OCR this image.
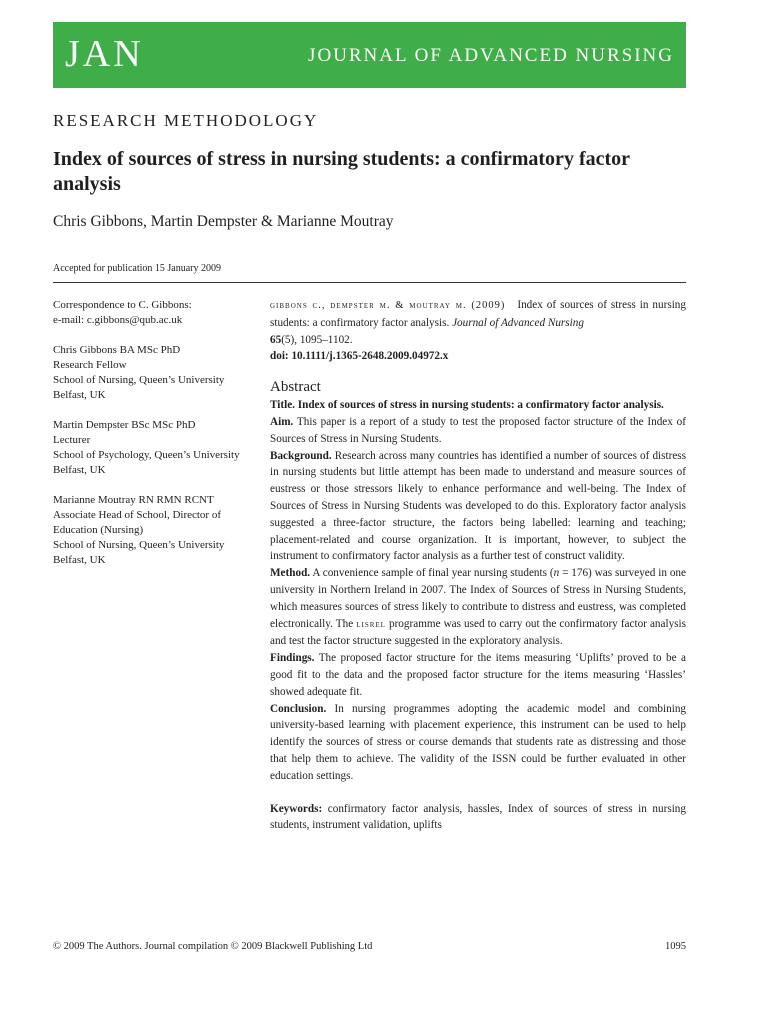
JAN	JOURNAL OF ADVANCED NURSING
RESEARCH METHODOLOGY
Index of sources of stress in nursing students: a confirmatory factor analysis
Chris Gibbons, Martin Dempster & Marianne Moutray
Accepted for publication 15 January 2009
Correspondence to C. Gibbons:
e-mail: c.gibbons@qub.ac.uk
Chris Gibbons BA MSc PhD
Research Fellow
School of Nursing, Queen’s University
Belfast, UK
Martin Dempster BSc MSc PhD
Lecturer
School of Psychology, Queen’s University
Belfast, UK
Marianne Moutray RN RMN RCNT
Associate Head of School, Director of
Education (Nursing)
School of Nursing, Queen’s University
Belfast, UK

gibbons c., dempster m. & moutray m. (2009) Index of sources of stress in nursing students: a confirmatory factor analysis. Journal of Advanced Nursing
65(5), 1095–1102.
doi: 10.1111/j.1365-2648.2009.04972.x

Abstract

Title. Index of sources of stress in nursing students: a confirmatory factor analysis.

Aim. This paper is a report of a study to test the proposed factor structure of the Index of Sources of Stress in Nursing Students.

Background. Research across many countries has identified a number of sources of distress in nursing students but little attempt has been made to understand and measure sources of eustress or those stressors likely to enhance performance and well-being. The Index of Sources of Stress in Nursing Students was developed to do this. Exploratory factor analysis suggested a three-factor structure, the factors being labelled: learning and teaching; placement-related and course organization. It is important, however, to subject the instrument to confirmatory factor analysis as a further test of construct validity.

Method. A convenience sample of final year nursing students (n = 176) was surveyed in one university in Northern Ireland in 2007. The Index of Sources of Stress in Nursing Students, which measures sources of stress likely to contribute to distress and eustress, was completed electronically. The lisrel programme was used to carry out the confirmatory factor analysis and test the factor structure suggested in the exploratory analysis.

Findings. The proposed factor structure for the items measuring ‘Uplifts’ proved to be a good fit to the data and the proposed factor structure for the items measuring ‘Hassles’ showed adequate fit.

Conclusion. In nursing programmes adopting the academic model and combining university-based learning with placement experience, this instrument can be used to help identify the sources of stress or course demands that students rate as distressing and those that help them to achieve. The validity of the ISSN could be further evaluated in other education settings.

Keywords: confirmatory factor analysis, hassles, Index of sources of stress in nursing students, instrument validation, uplifts

© 2009 The Authors. Journal compilation © 2009 Blackwell Publishing Ltd	1095
